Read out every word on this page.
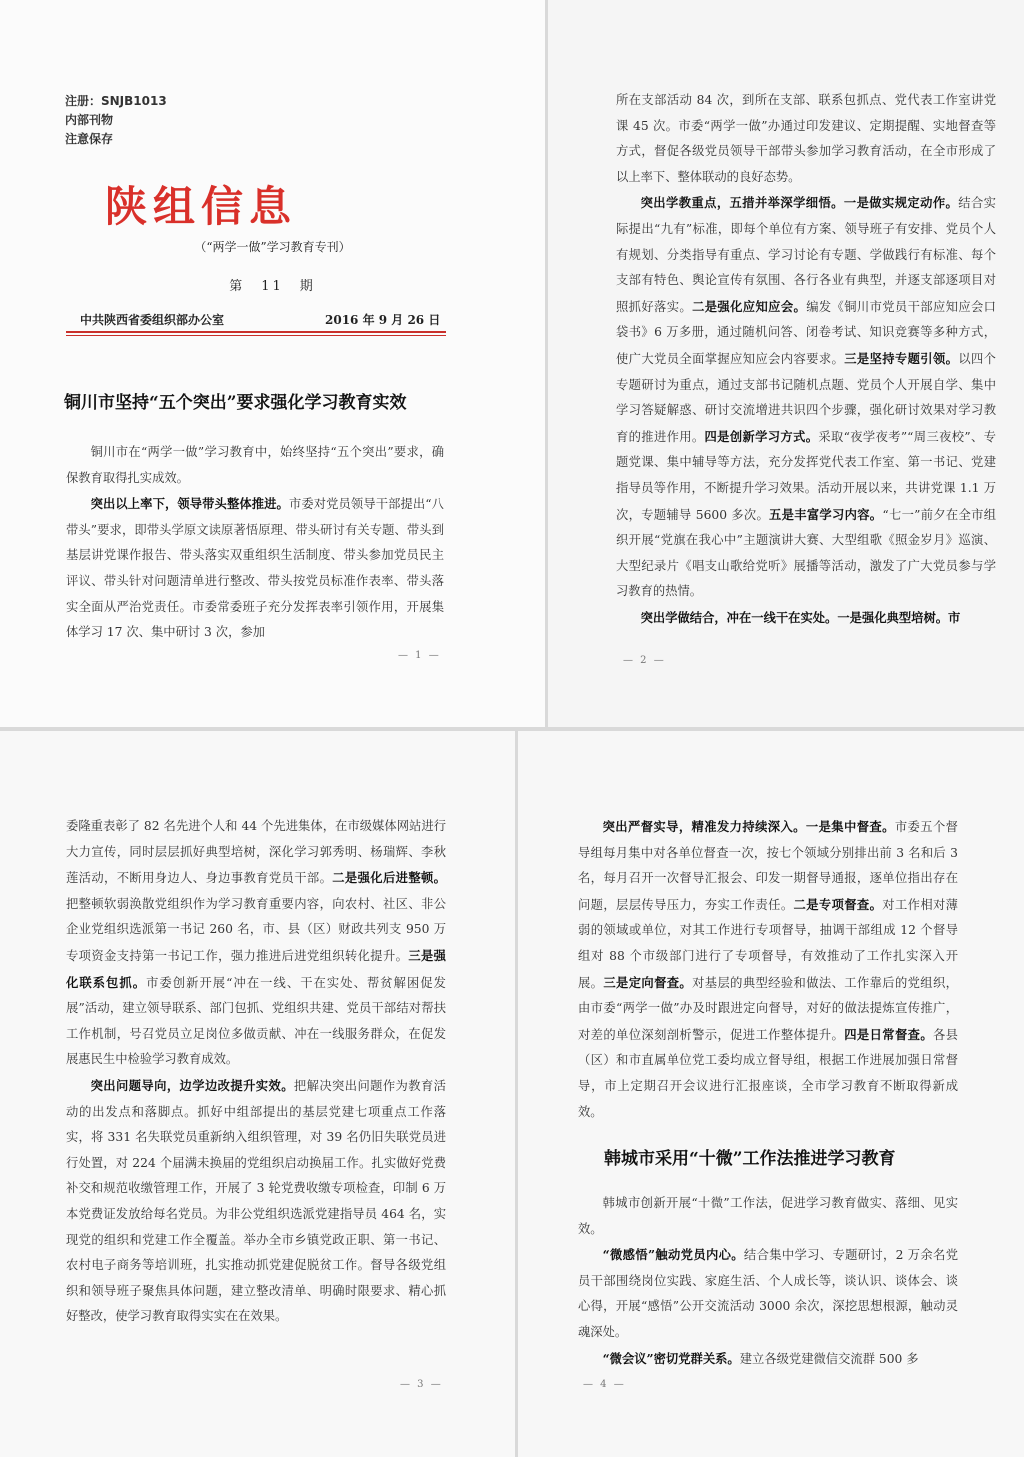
注册：SNJB1013
内部刊物
注意保存
陕组信息
（“两学一做”学习教育专刊）
第　11　期
中共陕西省委组织部办公室	2016 年 9 月 26 日
铜川市坚持“五个突出”要求强化学习教育实效

铜川市在“两学一做”学习教育中，始终坚持“五个突出”要求，确保教育取得扎实成效。

突出以上率下，领导带头整体推进。市委对党员领导干部提出“八带头”要求，即带头学原文读原著悟原理、带头研讨有关专题、带头到基层讲党课作报告、带头落实双重组织生活制度、带头参加党员民主评议、带头针对问题清单进行整改、带头按党员标准作表率、带头落实全面从严治党责任。市委常委班子充分发挥表率引领作用，开展集体学习 17 次、集中研讨 3 次，参加

— 1 —

所在支部活动 84 次，到所在支部、联系包抓点、党代表工作室讲党课 45 次。市委“两学一做”办通过印发建议、定期提醒、实地督查等方式，督促各级党员领导干部带头参加学习教育活动，在全市形成了以上率下、整体联动的良好态势。

突出学教重点，五措并举深学细悟。一是做实规定动作。结合实际提出“九有”标准，即每个单位有方案、领导班子有安排、党员个人有规划、分类指导有重点、学习讨论有专题、学做践行有标准、每个支部有特色、舆论宣传有氛围、各行各业有典型，并逐支部逐项目对照抓好落实。二是强化应知应会。编发《铜川市党员干部应知应会口袋书》6 万多册，通过随机问答、闭卷考试、知识竞赛等多种方式，使广大党员全面掌握应知应会内容要求。三是坚持专题引领。以四个专题研讨为重点，通过支部书记随机点题、党员个人开展自学、集中学习答疑解惑、研讨交流增进共识四个步骤，强化研讨效果对学习教育的推进作用。四是创新学习方式。采取“夜学夜考”“周三夜校”、专题党课、集中辅导等方法，充分发挥党代表工作室、第一书记、党建指导员等作用，不断提升学习效果。活动开展以来，共讲党课 1.1 万次，专题辅导 5600 多次。五是丰富学习内容。“七一”前夕在全市组织开展“党旗在我心中”主题演讲大赛、大型组歌《照金岁月》巡演、大型纪录片《唱支山歌给党听》展播等活动，激发了广大党员参与学习教育的热情。

突出学做结合，冲在一线干在实处。一是强化典型培树。市

— 2 —

委隆重表彰了 82 名先进个人和 44 个先进集体，在市级媒体网站进行大力宣传，同时层层抓好典型培树，深化学习郭秀明、杨瑞辉、李秋莲活动，不断用身边人、身边事教育党员干部。二是强化后进整顿。把整顿软弱涣散党组织作为学习教育重要内容，向农村、社区、非公企业党组织选派第一书记 260 名，市、县（区）财政共列支 950 万专项资金支持第一书记工作，强力推进后进党组织转化提升。三是强化联系包抓。市委创新开展“冲在一线、干在实处、帮贫解困促发展”活动，建立领导联系、部门包抓、党组织共建、党员干部结对帮扶工作机制，号召党员立足岗位多做贡献、冲在一线服务群众，在促发展惠民生中检验学习教育成效。

突出问题导向，边学边改提升实效。把解决突出问题作为教育活动的出发点和落脚点。抓好中组部提出的基层党建七项重点工作落实，将 331 名失联党员重新纳入组织管理，对 39 名仍旧失联党员进行处置，对 224 个届满未换届的党组织启动换届工作。扎实做好党费补交和规范收缴管理工作，开展了 3 轮党费收缴专项检查，印制 6 万本党费证发放给每名党员。为非公党组织选派党建指导员 464 名，实现党的组织和党建工作全覆盖。举办全市乡镇党政正职、第一书记、农村电子商务等培训班，扎实推动抓党建促脱贫工作。督导各级党组织和领导班子聚焦具体问题，建立整改清单、明确时限要求、精心抓好整改，使学习教育取得实实在在效果。

— 3 —

突出严督实导，精准发力持续深入。一是集中督查。市委五个督导组每月集中对各单位督查一次，按七个领域分别排出前 3 名和后 3 名，每月召开一次督导汇报会、印发一期督导通报，逐单位指出存在问题，层层传导压力，夯实工作责任。二是专项督查。对工作相对薄弱的领域或单位，对其工作进行专项督导，抽调干部组成 12 个督导组对 88 个市级部门进行了专项督导，有效推动了工作扎实深入开展。三是定向督查。对基层的典型经验和做法、工作靠后的党组织，由市委“两学一做”办及时跟进定向督导，对好的做法提炼宣传推广，对差的单位深刻剖析警示，促进工作整体提升。四是日常督查。各县（区）和市直属单位党工委均成立督导组，根据工作进展加强日常督导，市上定期召开会议进行汇报座谈，全市学习教育不断取得新成效。

韩城市采用“十微”工作法推进学习教育

韩城市创新开展“十微”工作法，促进学习教育做实、落细、见实效。

“微感悟”触动党员内心。结合集中学习、专题研讨，2 万余名党员干部围绕岗位实践、家庭生活、个人成长等，谈认识、谈体会、谈心得，开展“感悟”公开交流活动 3000 余次，深挖思想根源，触动灵魂深处。

“微会议”密切党群关系。建立各级党建微信交流群 500 多

— 4 —
